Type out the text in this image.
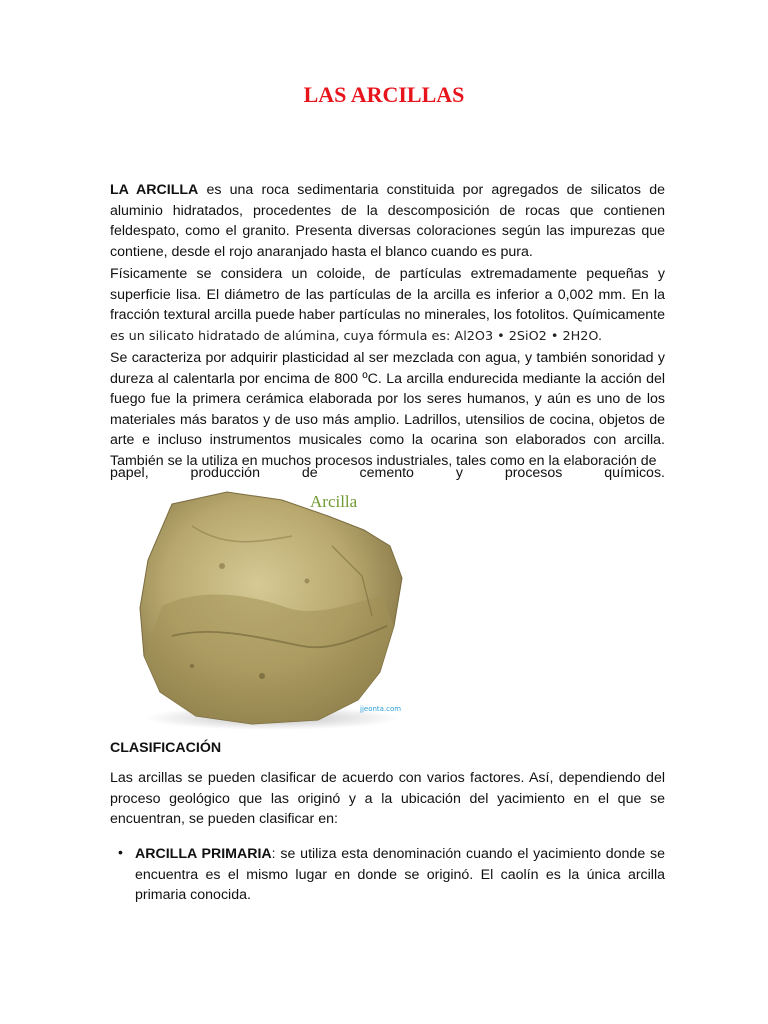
LAS ARCILLAS

LA ARCILLA es una roca sedimentaria constituida por agregados de silicatos de aluminio hidratados, procedentes de la descomposición de rocas que contienen feldespato, como el granito. Presenta diversas coloraciones según las impurezas que contiene, desde el rojo anaranjado hasta el blanco cuando es pura.

Físicamente se considera un coloide, de partículas extremadamente pequeñas y superficie lisa. El diámetro de las partículas de la arcilla es inferior a 0,002 mm. En la fracción textural arcilla puede haber partículas no minerales, los fotolitos. Químicamente es un silicato hidratado de alúmina, cuya fórmula es: Al2O3 • 2SiO2 • 2H2O.

Se caracteriza por adquirir plasticidad al ser mezclada con agua, y también sonoridad y dureza al calentarla por encima de 800 ºC. La arcilla endurecida mediante la acción del fuego fue la primera cerámica elaborada por los seres humanos, y aún es uno de los materiales más baratos y de uso más amplio. Ladrillos, utensilios de cocina, objetos de arte e incluso instrumentos musicales como la ocarina son elaborados con arcilla. También se la utiliza en muchos procesos industriales, tales como en la elaboración de

papel, producción de cemento y procesos químicos.

jjeonta.com
Arcilla
CLASIFICACIÓN

Las arcillas se pueden clasificar de acuerdo con varios factores. Así, dependiendo del proceso geológico que las originó y a la ubicación del yacimiento en el que se encuentran, se pueden clasificar en:

• ARCILLA PRIMARIA: se utiliza esta denominación cuando el yacimiento donde se encuentra es el mismo lugar en donde se originó. El caolín es la única arcilla primaria conocida.
